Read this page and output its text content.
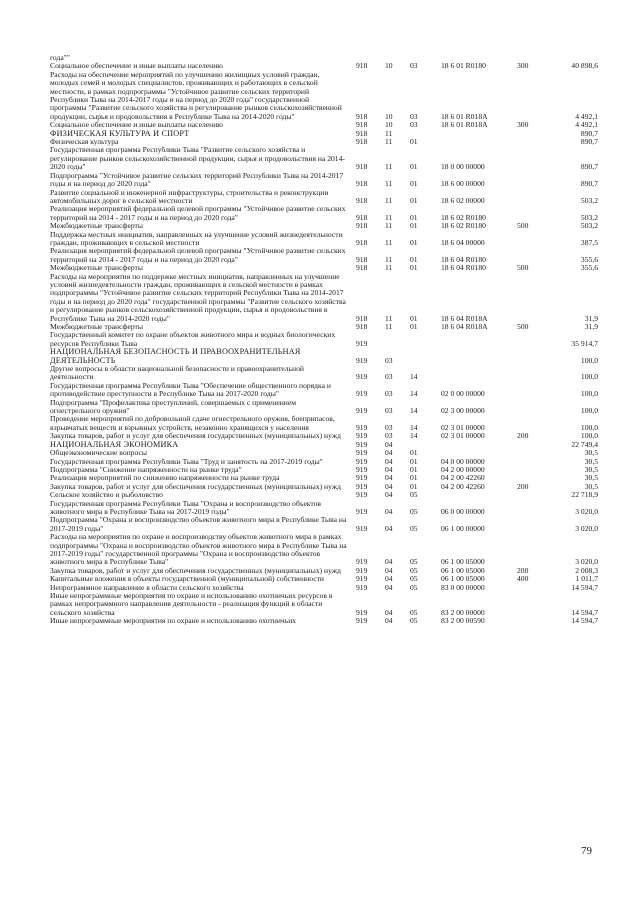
года""
Социальное обеспечение и иные выплаты населению	918 10 03	18 6 01 R0180	300	40 898,6
Расходы на обеспечение мероприятий по улучшению жилищных условий граждан, молодых семей и молодых специалистов, проживающих и работающих в сельской местности, в рамках подпрограммы "Устойчивое развитие сельских территорий Республики Тыва на 2014-2017 годы и на период до 2020 года" государственной программы "Развитие сельского хозяйства и регулирование рынков сельскохозяйственной продукции, сырья и продовольствия в Республике Тыва на 2014-2020 годы"	918 10 03	18 6 01 R018A	4 492,1
Социальное обеспечение и иные выплаты населению	918 10 03	18 6 01 R018A	300	4 492,1
ФИЗИЧЕСКАЯ КУЛЬТУРА И СПОРТ	918 11	890,7
Физическая культура	918 11 01	890,7
Государственная программа Республики Тыва "Развитие сельского хозяйства и регулирование рынков сельскохозяйственной продукции, сырья и продовольствия на 2014-2020 годы"	918 11 01	18 0 00 00000	890,7
Подпрограмма "Устойчивое развитие сельских территорий Республики Тыва на 2014-2017 годы и на период до 2020 года"	918 11 01	18 6 00 00000	890,7
Развитие социальной и инженерной инфраструктуры, строительства и реконструкции автомобильных дорог в сельской местности	918 11 01	18 6 02 00000	503,2
Реализация мероприятий федеральной целевой программы "Устойчивое развитие сельских территорий на 2014 - 2017 годы и на период до 2020 года"	918 11 01	18 6 02 R0180	503,2
Межбюджетные трансферты	918 11 01	18 6 02 R0180	500	503,2
Поддержка местных инициатив, направленных на улучшение условий жизнедеятельности граждан, проживающих в сельской местности	918 11 01	18 6 04 00000	387,5
Реализация мероприятий федеральной целевой программы "Устойчивое развитие сельских территорий на 2014 - 2017 годы и на период до 2020 года"	918 11 01	18 6 04 R0180	355,6
Межбюджетные трансферты	918 11 01	18 6 04 R0180	500	355,6
Расходы на мероприятия по поддержке местных инициатив, направленных на улучшение условий жизнедеятельности граждан, проживающих в сельской местности в рамках подпрограммы "Устойчивое развитие сельских территорий Республики Тыва на 2014-2017 годы и на период до 2020 года" государственной программы "Развитие сельского хозяйства и регулирование рынков сельскохозяйственной продукции, сырья и продовольствия в Республике Тыва на 2014-2020 годы"	918 11 01	18 6 04 R018A	31,9
Межбюджетные трансферты	918 11 01	18 6 04 R018A	500	31,9
Государственный комитет по охране объектов животного мира и водных биологических ресурсов Республики Тыва	919	35 914,7
НАЦИОНАЛЬНАЯ БЕЗОПАСНОСТЬ И ПРАВООХРАНИТЕЛЬНАЯ ДЕЯТЕЛЬНОСТЬ	919 03	100,0
Другие вопросы в области национальной безопасности и правоохранительной деятельности	919 03 14	100,0
Государственная программа Республики Тыва "Обеспечение общественного порядка и противодействие преступности в Республике Тыва на 2017-2020 годы"	919 03 14	02 0 00 00000	100,0
Подпрограмма "Профилактика преступлений, совершаемых с применением огнестрельного оружия"	919 03 14	02 3 00 00000	100,0
Проведение мероприятий по добровольной сдаче огнестрельного оружия, боеприпасов, взрывчатых веществ и взрывных устройств, незаконно хранящихся у населения	919 03 14	02 3 01 00000	100,0
Закупка товаров, работ и услуг для обеспечения государственных (муниципальных) нужд	919 03 14	02 3 01 00000	200	100,0
НАЦИОНАЛЬНАЯ ЭКОНОМИКА	919 04	22 749,4
Общеэкономические вопросы	919 04 01	30,5
Государственная программа Республики Тыва "Труд и занятость на 2017-2019 годы"	919 04 01	04 0 00 00000	30,5
Подпрограмма "Снижение напряженности на рынке труда"	919 04 01	04 2 00 00000	30,5
Реализация мероприятий по снижению напряженности на рынке труда	919 04 01	04 2 00 42260	30,5
Закупка товаров, работ и услуг для обеспечения государственных (муниципальных) нужд	919 04 01	04 2 00 42260	200	30,5
Сельское хозяйство и рыболовство	919 04 05	22 718,9
Государственная программа Республики Тыва "Охрана и воспроизводство объектов животного мира в Республике Тыва на 2017-2019 годы"	919 04 05	06 0 00 00000	3 020,0
Подпрограмма "Охрана и воспроизводство объектов животного мира в Республике Тыва на 2017-2019 годы"	919 04 05	06 1 00 00000	3 020,0
Расходы на мероприятия по охране и воспроизводству объектов животного мира в рамках подпрограммы "Охрана и воспроизводство объектов животного мира в Республике Тыва на 2017-2019 годы" государственной программы "Охрана и воспроизводство объектов животного мира в Республике Тыва"	919 04 05	06 1 00 05000	3 020,0
Закупка товаров, работ и услуг для обеспечения государственных (муниципальных) нужд	919 04 05	06 1 00 05000	200	2 008,3
Капитальные вложения в объекты государственной (муниципальной) собственности	919 04 05	06 1 00 05000	400	1 011,7
Непрограммное направление в области сельского хозяйства	919 04 05	83 0 00 00000	14 594,7
Иные непрограммные мероприятия по охране и использованию охотничьих ресурсов в рамках непрограммного направления деятельности - реализация функций в области сельского хозяйства	919 04 05	83 2 00 00000	14 594,7
Иные непрограммные мероприятия по охране и использованию охотничьих	919 04 05	83 2 00 00590	14 594,7
79
